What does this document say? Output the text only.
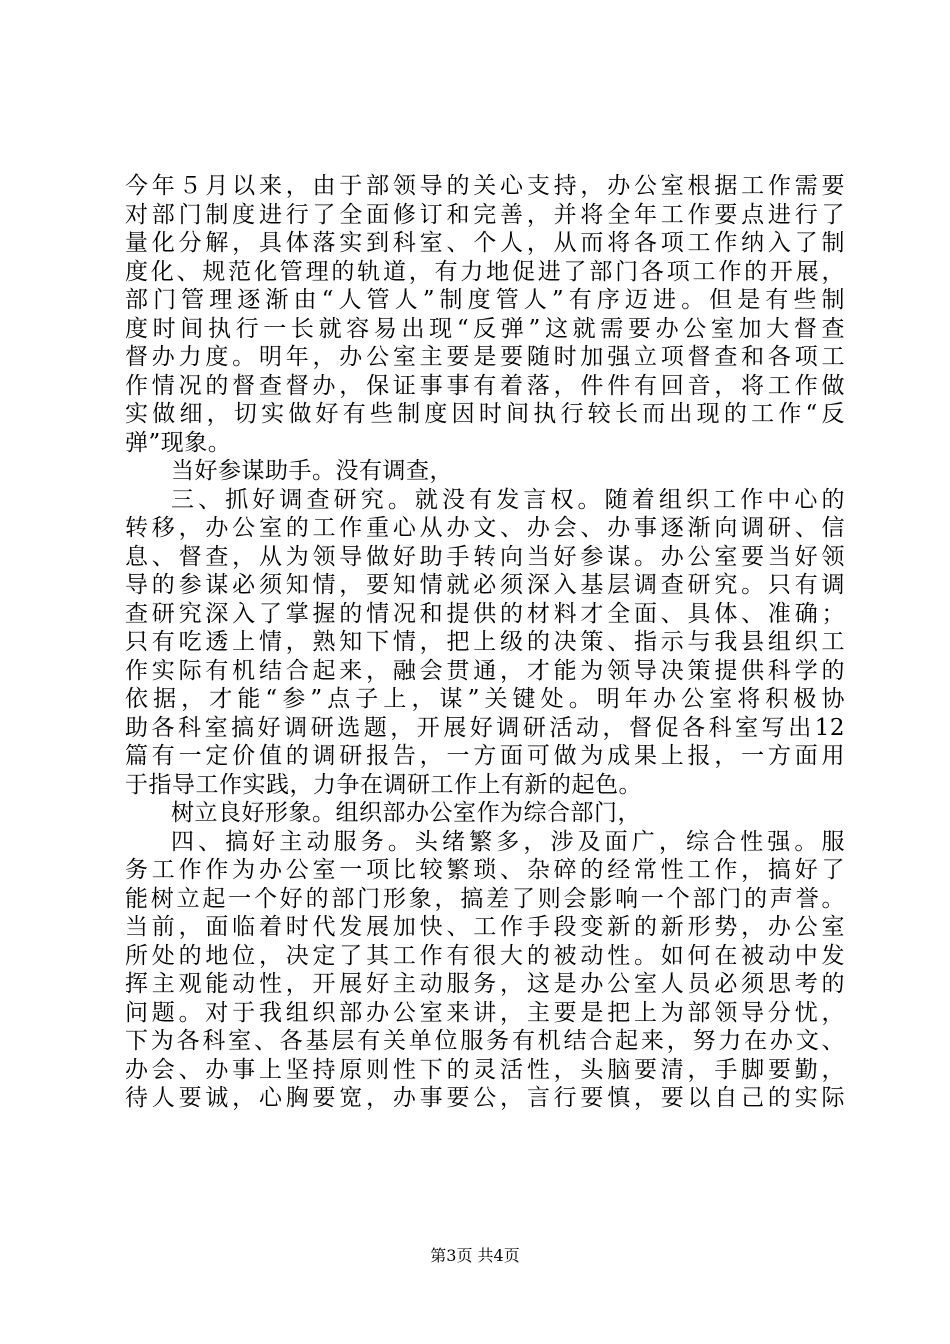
今年５月以来，由于部领导的关心支持，办公室根据工作需要
对部门制度进行了全面修订和完善，并将全年工作要点进行了
量化分解，具体落实到科室、个人，从而将各项工作纳入了制
度化、规范化管理的轨道，有力地促进了部门各项工作的开展，
部门管理逐渐由“人管人”制度管人”有序迈进。但是有些制
度时间执行一长就容易出现“反弹”这就需要办公室加大督查
督办力度。明年，办公室主要是要随时加强立项督查和各项工
作情况的督查督办，保证事事有着落，件件有回音，将工作做
实做细，切实做好有些制度因时间执行较长而出现的工作“反
弹”现象。
当好参谋助手。没有调查，
三、抓好调查研究。就没有发言权。随着组织工作中心的
转移，办公室的工作重心从办文、办会、办事逐渐向调研、信
息、督查，从为领导做好助手转向当好参谋。办公室要当好领
导的参谋必须知情，要知情就必须深入基层调查研究。只有调
查研究深入了掌握的情况和提供的材料才全面、具体、准确；
只有吃透上情，熟知下情，把上级的决策、指示与我县组织工
作实际有机结合起来，融会贯通，才能为领导决策提供科学的
依据，才能“参”点子上，谋”关键处。明年办公室将积极协
助各科室搞好调研选题，开展好调研活动，督促各科室写出12
篇有一定价值的调研报告，一方面可做为成果上报，一方面用
于指导工作实践，力争在调研工作上有新的起色。
树立良好形象。组织部办公室作为综合部门，
四、搞好主动服务。头绪繁多，涉及面广，综合性强。服
务工作作为办公室一项比较繁琐、杂碎的经常性工作，搞好了
能树立起一个好的部门形象，搞差了则会影响一个部门的声誉。
当前，面临着时代发展加快、工作手段变新的新形势，办公室
所处的地位，决定了其工作有很大的被动性。如何在被动中发
挥主观能动性，开展好主动服务，这是办公室人员必须思考的
问题。对于我组织部办公室来讲，主要是把上为部领导分忧，
下为各科室、各基层有关单位服务有机结合起来，努力在办文、
办会、办事上坚持原则性下的灵活性，头脑要清，手脚要勤，
待人要诚，心胸要宽，办事要公，言行要慎，要以自己的实际
第3页 共4页
